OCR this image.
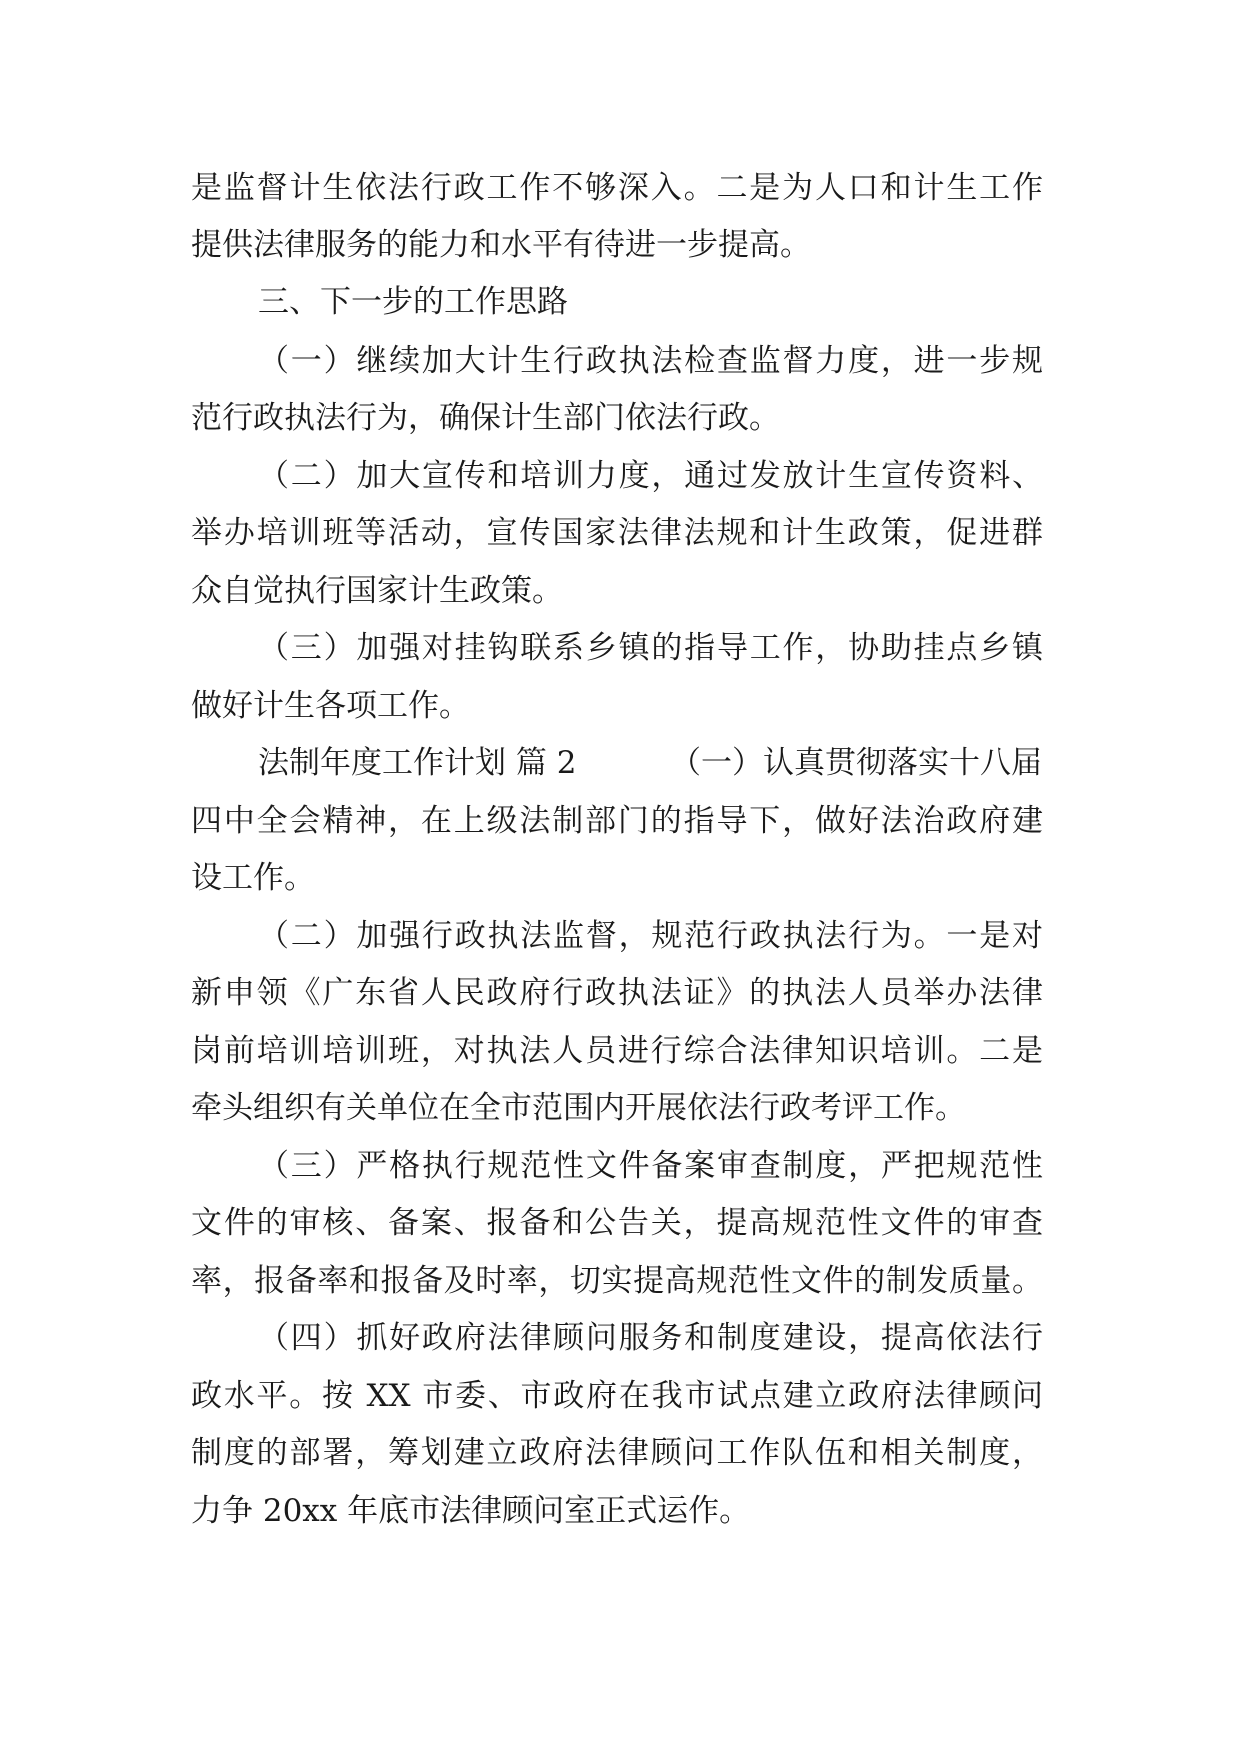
是监督计生依法行政工作不够深入。二是为人口和计生工作
提供法律服务的能力和水平有待进一步提高。
三、下一步的工作思路
（一）继续加大计生行政执法检查监督力度，进一步规
范行政执法行为，确保计生部门依法行政。
（二）加大宣传和培训力度，通过发放计生宣传资料、
举办培训班等活动，宣传国家法律法规和计生政策，促进群
众自觉执行国家计生政策。
（三）加强对挂钩联系乡镇的指导工作，协助挂点乡镇
做好计生各项工作。
法制年度工作计划 篇 2	（一）认真贯彻落实十八届
四中全会精神，在上级法制部门的指导下，做好法治政府建
设工作。
（二）加强行政执法监督，规范行政执法行为。一是对
新申领《广东省人民政府行政执法证》的执法人员举办法律
岗前培训培训班，对执法人员进行综合法律知识培训。二是
牵头组织有关单位在全市范围内开展依法行政考评工作。
（三）严格执行规范性文件备案审查制度，严把规范性
文件的审核、备案、报备和公告关，提高规范性文件的审查
率，报备率和报备及时率，切实提高规范性文件的制发质量。
（四）抓好政府法律顾问服务和制度建设，提高依法行
政水平。按 XX 市委、市政府在我市试点建立政府法律顾问
制度的部署，筹划建立政府法律顾问工作队伍和相关制度，
力争 20xx 年底市法律顾问室正式运作。
